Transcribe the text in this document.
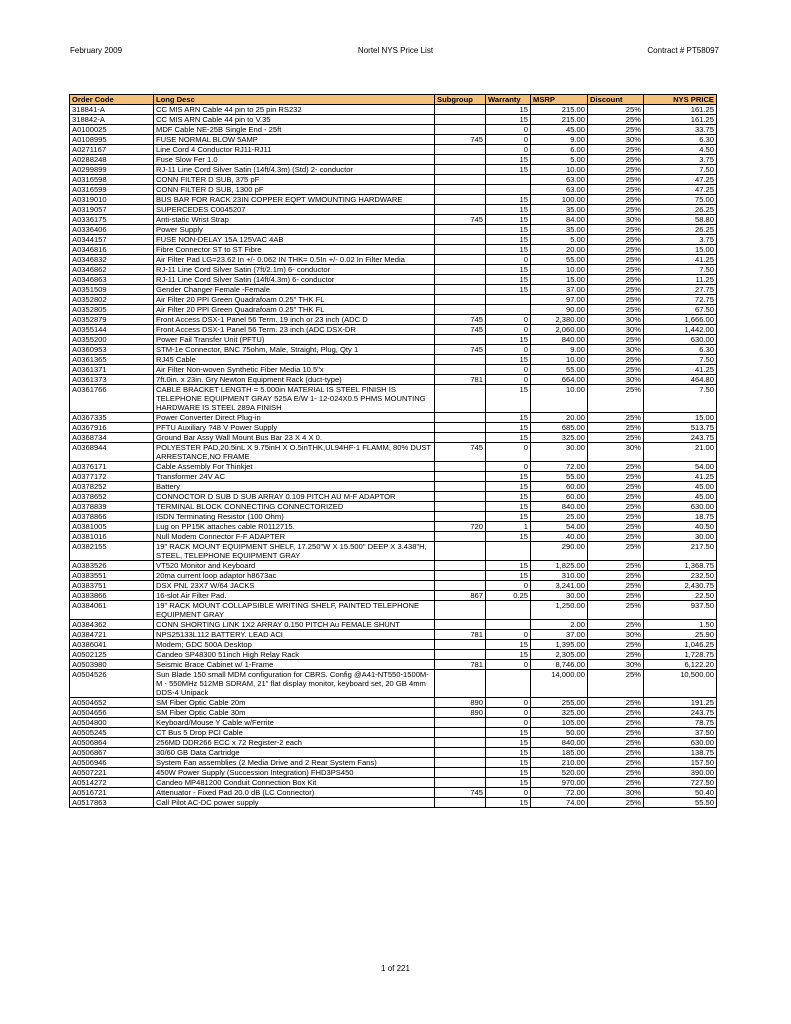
February 2009	Nortel NYS Price List	Contract # PT58097
Order Code	Long Desc	Subgroup	Warranty	MSRP	Discount	NYS PRICE
318841-A	CC MIS ARN Cable 44 pin to 25 pin RS232		15	215.00	25%	161.25
318842-A	CC MIS ARN Cable 44 pin to V.35		15	215.00	25%	161.25
A0100025	MDF Cable NE-25B Single End - 25ft		0	45.00	25%	33.75
A0108995	FUSE NORMAL BLOW 5AMP	745	0	9.00	30%	6.30
A0271167	Line Cord 4 Conductor RJ11-RJ11		0	6.00	25%	4.50
A0288248	Fuse Slow Fer 1.0		15	5.00	25%	3.75
A0299899	RJ-11 Line Cord Silver Satin (14ft/4.3m) (Std) 2- conductor		15	10.00	25%	7.50
A0316598	CONN FILTER D SUB, 375 pF			63.00	25%	47.25
A0316599	CONN FILTER D SUB, 1300 pF			63.00	25%	47.25
A0319010	BUS BAR FOR RACK 23IN COPPER EQPT WMOUNTING HARDWARE		15	100.00	25%	75.00
A0319057	SUPERCEDES C0045207		15	35.00	25%	26.25
A0336175	Anti-static Wrist Strap	745	15	84.00	30%	58.80
A0336406	Power Supply		15	35.00	25%	26.25
A0344157	FUSE NON-DELAY 15A 125VAC 4AB		15	5.00	25%	3.75
A0346816	Fibre Connector ST to ST Fibre		15	20.00	25%	15.00
A0346832	Air Filter Pad LG=23.62 In +/- 0.062 IN THK= 0.5In +/- 0.02 In Filter Media		0	55.00	25%	41.25
A0346862	RJ-11 Line Cord Silver Satin (7ft/2.1m) 6- conductor		15	10.00	25%	7.50
A0346863	RJ-11 Line Cord Silver Satin (14ft/4.3m) 6- conductor		15	15.00	25%	11.25
A0351509	Gender Changer Female -Female		15	37.00	25%	27.75
A0352802	Air Filter 20 PPI Green Quadrafoam 0.25" THK FL			97.00	25%	72.75
A0352805	Air Filter 20 PPI Green Quadrafoam 0.25" THK FL			90.00	25%	67.50
A0352879	Front Access DSX-1 Panel 56 Term. 19 inch or 23 inch (ADC D	745	0	2,380.00	30%	1,666.00
A0355144	Front Access DSX-1 Panel 56 Term. 23 inch (ADC DSX-DR	745	0	2,060.00	30%	1,442.00
A0355200	Power Fail Transfer Unit (PFTU)		15	840.00	25%	630.00
A0360953	STM-1e Connector, BNC 75ohm, Male, Straight, Plug, Qty 1	745	0	9.00	30%	6.30
A0361365	RJ45 Cable		15	10.00	25%	7.50
A0361371	Air Filter Non-woven Synthetic Fiber Media 10.5"x		0	55.00	25%	41.25
A0361373	7ft.0in. x 23in. Gry Newton Equipment Rack (duct-type)	781	0	664.00	30%	464.80
A0361766	CABLE BRACKET LENGTH = 5.000in MATERIAL IS STEEL FINISH IS TELEPHONE EQUIPMENT GRAY 525A E/W 1- 12-024X0.5 PHMS MOUNTING HARDWARE IS STEEL 289A FINISH		15	10.00	25%	7.50
A0367335	Power Converter Direct Plug-in		15	20.00	25%	15.00
A0367916	PFTU Auxiliary ?48 V Power Supply		15	685.00	25%	513.75
A0368734	Ground Bar Assy Wall Mount Bus Bar 23 X 4 X 0.		15	325.00	25%	243.75
A0368944	POLYESTER PAD,20.5inL X 9.75inH X O.5inTHK,UL94HF-1 FLAMM, 80% DUST ARRESTANCE,NO FRAME	745	0	30.00	30%	21.00
A0376171	Cable Assembly For Thinkjet		0	72.00	25%	54.00
A0377172	Transformer 24V AC		15	55.00	25%	41.25
A0378252	Battery		15	60.00	25%	45.00
A0378652	CONNOCTOR D SUB D SUB ARRAY 0.109 PITCH AU M-F ADAPTOR		15	60.00	25%	45.00
A0378839	TERMINAL BLOCK CONNECTING CONNECTORIZED		15	840.00	25%	630.00
A0378866	ISDN Terminating Resistor (100 Ohm)		15	25.00	25%	18.75
A0381005	Lug on PP15K attaches cable R0112715.	720	1	54.00	25%	40.50
A0381016	Null Modem Connector F-F ADAPTER		15	40.00	25%	30.00
A0382155	19" RACK MOUNT EQUIPMENT SHELF, 17.250"W X 15.500" DEEP X 3.438"H, STEEL, TELEPHONE EQUIPMENT GRAY			290.00	25%	217.50
A0383526	VT520 Monitor and Keyboard		15	1,825.00	25%	1,368.75
A0383551	20ma current loop adaptor h8673ac		15	310.00	25%	232.50
A0383751	DSX PNL 23X7 W/64 JACKS		0	3,241.00	25%	2,430.75
A0383866	16-slot Air Filter Pad.	867	0.25	30.00	25%	22.50
A0384061	19" RACK MOUNT COLLAPSIBLE WRITING SHELF, PAINTED TELEPHONE EQUIPMENT GRAY			1,250.00	25%	937.50
A0384362	CONN SHORTING LINK 1X2 ARRAY 0.150 PITCH Au FEMALE SHUNT			2.00	25%	1.50
A0384721	NPS25133L112 BATTERY. LEAD ACI	781	0	37.00	30%	25.90
A0386041	Modem; GDC 500A Desktop		15	1,395.00	25%	1,046.25
A0502125	Candeo SP48300 51inch High Relay Rack		15	2,305.00	25%	1,728.75
A0503980	Seismic Brace Cabinet w/ 1-Frame	781	0	8,746.00	30%	6,122.20
A0504526	Sun Blade 150 small MDM configuration for CBRS. Config @A41-NT550-1500M-M - 550MHz 512MB SDRAM, 21" flat display monitor, keyboard set, 20 GB 4mm DDS-4 Unipack			14,000.00	25%	10,500.00
A0504652	SM Fiber Optic Cable 20m	890	0	255.00	25%	191.25
A0504656	SM Fiber Optic Cable 30m	890	0	325.00	25%	243.75
A0504800	Keyboard/Mouse Y Cable w/Ferrite		0	105.00	25%	78.75
A0505245	CT Bus 5 Drop PCI Cable		15	50.00	25%	37.50
A0506864	256MD DDR266 ECC x 72 Register-2 each		15	840.00	25%	630.00
A0506867	30/60 GB Data Cartridge		15	185.00	25%	138.75
A0506946	System Fan assemblies (2 Media Drive and 2 Rear System Fans)		15	210.00	25%	157.50
A0507221	450W Power Supply (Succession Integration) FHD3PS450		15	520.00	25%	390.00
A0514272	Candeo MP481200 Conduit Connection Box Kit		15	970.00	25%	727.50
A0516721	Attenuator - Fixed Pad 20.0 dB (LC Connector)	745	0	72.00	30%	50.40
A0517863	Call Pilot AC-DC power supply		15	74.00	25%	55.50
1 of 221
